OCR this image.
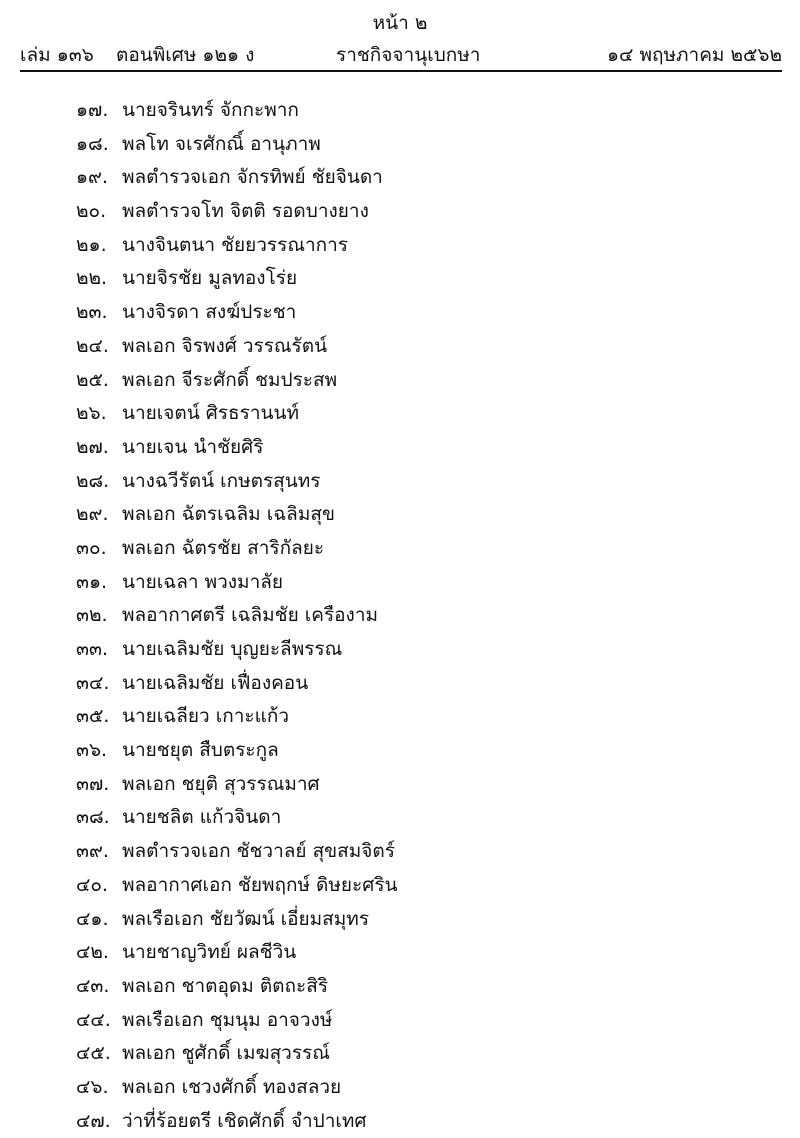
หน้า ๒
เล่ม ๑๓๖ ตอนพิเศษ ๑๒๑ ง	ราชกิจจานุเบกษา	๑๔ พฤษภาคม ๒๕๖๒
๑๗. นายจรินทร์ จักกะพาก
๑๘. พลโท จเรศักณิ์ อานุภาพ
๑๙. พลตำรวจเอก จักรทิพย์ ชัยจินดา
๒๐. พลตำรวจโท จิตติ รอดบางยาง
๒๑. นางจินตนา ชัยยวรรณาการ
๒๒. นายจิรชัย มูลทองโร่ย
๒๓. นางจิรดา สงฆ์ประชา
๒๔. พลเอก จิรพงศ์ วรรณรัตน์
๒๕. พลเอก จีระศักดิ์ ชมประสพ
๒๖. นายเจตน์ ศิรธรานนท์
๒๗. นายเจน นำชัยศิริ
๒๘. นางฉวีรัตน์ เกษตรสุนทร
๒๙. พลเอก ฉัตรเฉลิม เฉลิมสุข
๓๐. พลเอก ฉัตรชัย สาริกัลยะ
๓๑. นายเฉลา พวงมาลัย
๓๒. พลอากาศตรี เฉลิมชัย เครืองาม
๓๓. นายเฉลิมชัย บุญยะลีพรรณ
๓๔. นายเฉลิมชัย เฟื่องคอน
๓๕. นายเฉลียว เกาะแก้ว
๓๖. นายชยุต สืบตระกูล
๓๗. พลเอก ชยุติ สุวรรณมาศ
๓๘. นายชลิต แก้วจินดา
๓๙. พลตำรวจเอก ชัชวาลย์ สุขสมจิตร์
๔๐. พลอากาศเอก ชัยพฤกษ์ ดิษยะศริน
๔๑. พลเรือเอก ชัยวัฒน์ เอี่ยมสมุทร
๔๒. นายชาญวิทย์ ผลชีวิน
๔๓. พลเอก ชาตอุดม ติตถะสิริ
๔๔. พลเรือเอก ชุมนุม อาจวงษ์
๔๕. พลเอก ชูศักดิ์ เมฆสุวรรณ์
๔๖. พลเอก เชวงศักดิ์ ทองสลวย
๔๗. ว่าที่ร้อยตรี เชิดศักดิ์ จำปาเทศ
